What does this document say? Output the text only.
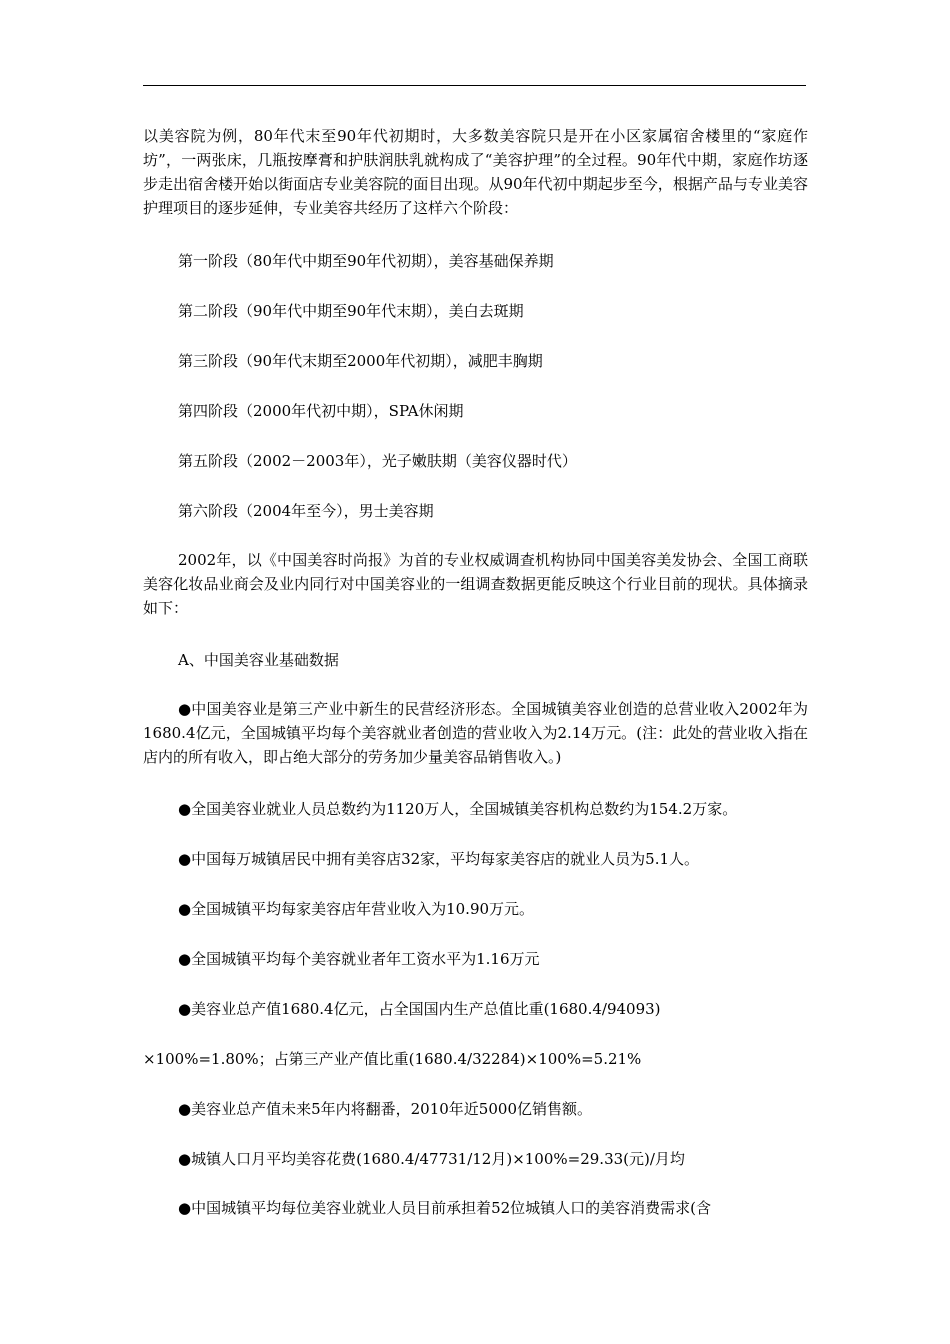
以美容院为例，80年代末至90年代初期时，大多数美容院只是开在小区家属宿舍楼里的“家庭作坊”，一两张床，几瓶按摩膏和护肤润肤乳就构成了“美容护理”的全过程。90年代中期，家庭作坊逐步走出宿舍楼开始以街面店专业美容院的面目出现。从90年代初中期起步至今，根据产品与专业美容护理项目的逐步延伸，专业美容共经历了这样六个阶段：

第一阶段（80年代中期至90年代初期），美容基础保养期

第二阶段（90年代中期至90年代末期），美白去斑期

第三阶段（90年代末期至2000年代初期），减肥丰胸期

第四阶段（2000年代初中期），SPA休闲期

第五阶段（2002－2003年），光子嫩肤期（美容仪器时代）

第六阶段（2004年至今），男士美容期

2002年，以《中国美容时尚报》为首的专业权威调查机构协同中国美容美发协会、全国工商联美容化妆品业商会及业内同行对中国美容业的一组调查数据更能反映这个行业目前的现状。具体摘录如下：

A、中国美容业基础数据

●中国美容业是第三产业中新生的民营经济形态。全国城镇美容业创造的总营业收入2002年为1680.4亿元，全国城镇平均每个美容就业者创造的营业收入为2.14万元。(注：此处的营业收入指在店内的所有收入，即占绝大部分的劳务加少量美容品销售收入。)

●全国美容业就业人员总数约为1120万人，全国城镇美容机构总数约为154.2万家。

●中国每万城镇居民中拥有美容店32家，平均每家美容店的就业人员为5.1人。

●全国城镇平均每家美容店年营业收入为10.90万元。

●全国城镇平均每个美容就业者年工资水平为1.16万元

●美容业总产值1680.4亿元，占全国国内生产总值比重(1680.4/94093)

×100%=1.80%；占第三产业产值比重(1680.4/32284)×100%=5.21%

●美容业总产值未来5年内将翻番，2010年近5000亿销售额。

●城镇人口月平均美容花费(1680.4/47731/12月)×100%=29.33(元)/月均

●中国城镇平均每位美容业就业人员目前承担着52位城镇人口的美容消费需求(含
